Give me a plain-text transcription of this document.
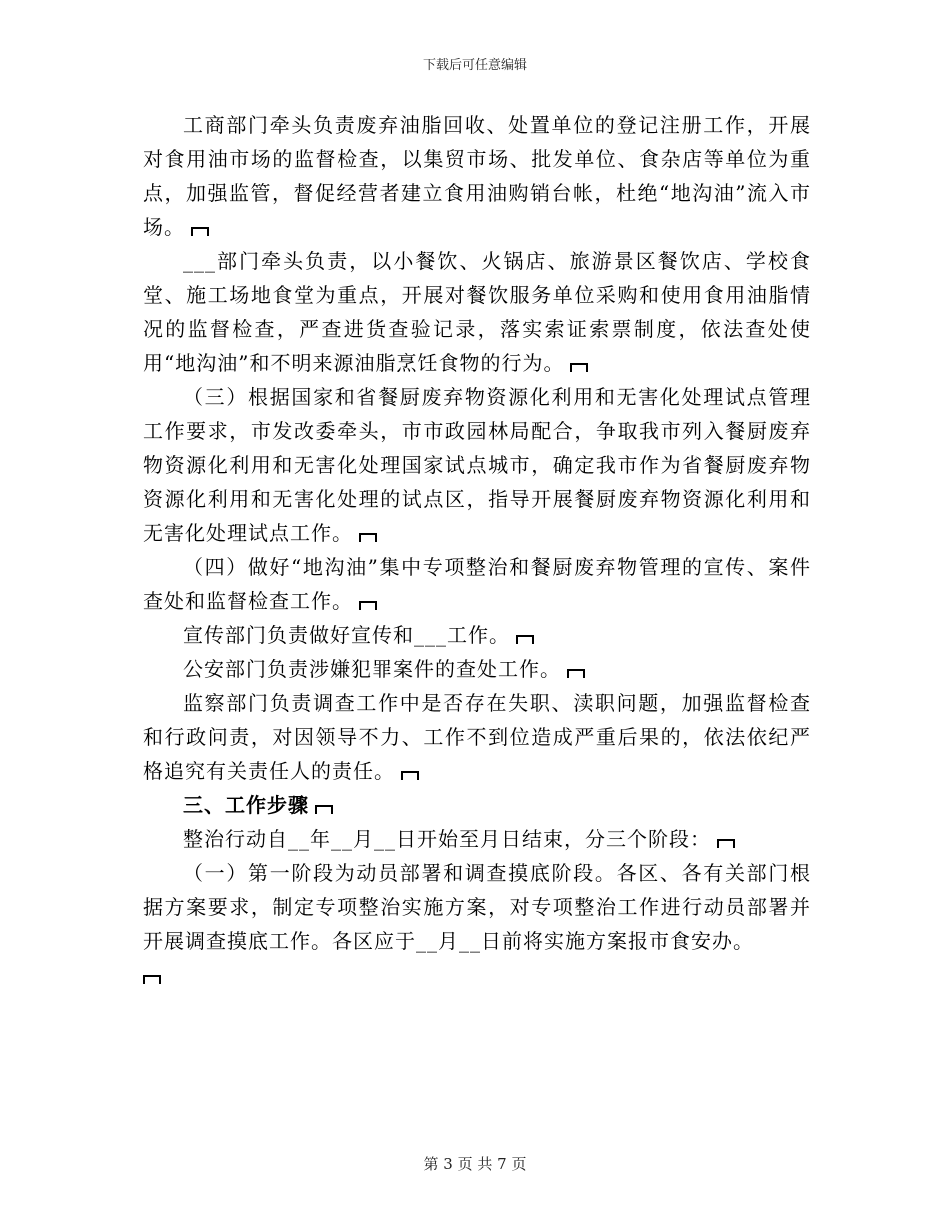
下载后可任意编辑

工商部门牵头负责废弃油脂回收、处置单位的登记注册工作，开展对食用油市场的监督检查，以集贸市场、批发单位、食杂店等单位为重点，加强监管，督促经营者建立食用油购销台帐，杜绝“地沟油”流入市场。

___部门牵头负责，以小餐饮、火锅店、旅游景区餐饮店、学校食堂、施工场地食堂为重点，开展对餐饮服务单位采购和使用食用油脂情况的监督检查，严查进货查验记录，落实索证索票制度，依法查处使用“地沟油”和不明来源油脂烹饪食物的行为。

（三）根据国家和省餐厨废弃物资源化利用和无害化处理试点管理工作要求，市发改委牵头，市市政园林局配合，争取我市列入餐厨废弃物资源化利用和无害化处理国家试点城市，确定我市作为省餐厨废弃物资源化利用和无害化处理的试点区，指导开展餐厨废弃物资源化利用和无害化处理试点工作。

（四）做好“地沟油”集中专项整治和餐厨废弃物管理的宣传、案件查处和监督检查工作。

宣传部门负责做好宣传和___工作。

公安部门负责涉嫌犯罪案件的查处工作。

监察部门负责调查工作中是否存在失职、渎职问题，加强监督检查和行政问责，对因领导不力、工作不到位造成严重后果的，依法依纪严格追究有关责任人的责任。

三、工作步骤

整治行动自__年__月__日开始至月日结束，分三个阶段：

（一）第一阶段为动员部署和调查摸底阶段。各区、各有关部门根据方案要求，制定专项整治实施方案，对专项整治工作进行动员部署并开展调查摸底工作。各区应于__月__日前将实施方案报市食安办。

第 3 页 共 7 页
